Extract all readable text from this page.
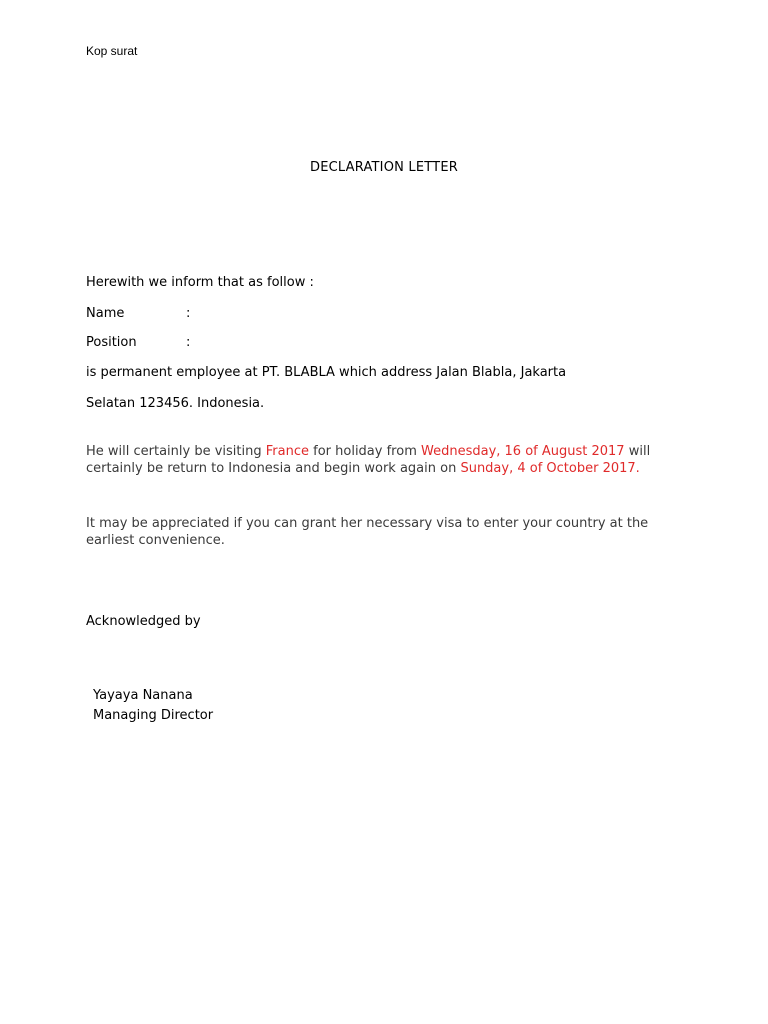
Kop surat
DECLARATION LETTER
Herewith we inform that as follow :
Name	:
Position	:
is permanent employee at PT. BLABLA which address Jalan Blabla, Jakarta
Selatan 123456. Indonesia.
He will certainly be visiting France for holiday from Wednesday, 16 of August 2017 will certainly be return to Indonesia and begin work again on Sunday, 4 of October 2017.
It may be appreciated if you can grant her necessary visa to enter your country at the earliest convenience.
Acknowledged by
Yayaya Nanana
Managing Director
